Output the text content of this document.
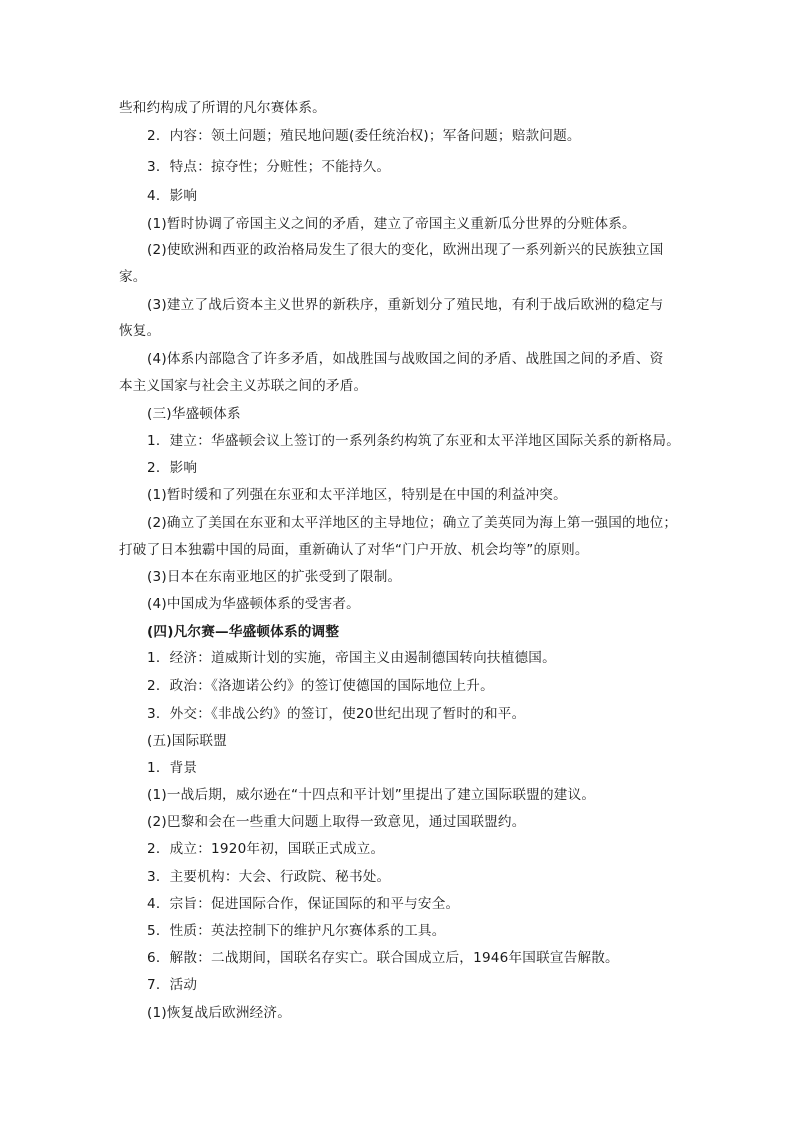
些和约构成了所谓的凡尔赛体系。
2．内容：领土问题；殖民地问题(委任统治权)；军备问题；赔款问题。
3．特点：掠夺性；分赃性；不能持久。
4．影响
(1)暂时协调了帝国主义之间的矛盾，建立了帝国主义重新瓜分世界的分赃体系。
(2)使欧洲和西亚的政治格局发生了很大的变化，欧洲出现了一系列新兴的民族独立国
家。
(3)建立了战后资本主义世界的新秩序，重新划分了殖民地，有利于战后欧洲的稳定与
恢复。
(4)体系内部隐含了许多矛盾，如战胜国与战败国之间的矛盾、战胜国之间的矛盾、资
本主义国家与社会主义苏联之间的矛盾。
(三)华盛顿体系
1．建立：华盛顿会议上签订的一系列条约构筑了东亚和太平洋地区国际关系的新格局。
2．影响
(1)暂时缓和了列强在东亚和太平洋地区，特别是在中国的利益冲突。
(2)确立了美国在东亚和太平洋地区的主导地位；确立了美英同为海上第一强国的地位；
打破了日本独霸中国的局面，重新确认了对华“门户开放、机会均等”的原则。
(3)日本在东南亚地区的扩张受到了限制。
(4)中国成为华盛顿体系的受害者。
(四)凡尔赛—华盛顿体系的调整
1．经济：道威斯计划的实施，帝国主义由遏制德国转向扶植德国。
2．政治：《洛迦诺公约》的签订使德国的国际地位上升。
3．外交：《非战公约》的签订，使20世纪出现了暂时的和平。
(五)国际联盟
1．背景
(1)一战后期，威尔逊在“十四点和平计划”里提出了建立国际联盟的建议。
(2)巴黎和会在一些重大问题上取得一致意见，通过国联盟约。
2．成立：1920年初，国联正式成立。
3．主要机构：大会、行政院、秘书处。
4．宗旨：促进国际合作，保证国际的和平与安全。
5．性质：英法控制下的维护凡尔赛体系的工具。
6．解散：二战期间，国联名存实亡。联合国成立后，1946年国联宣告解散。
7．活动
(1)恢复战后欧洲经济。
